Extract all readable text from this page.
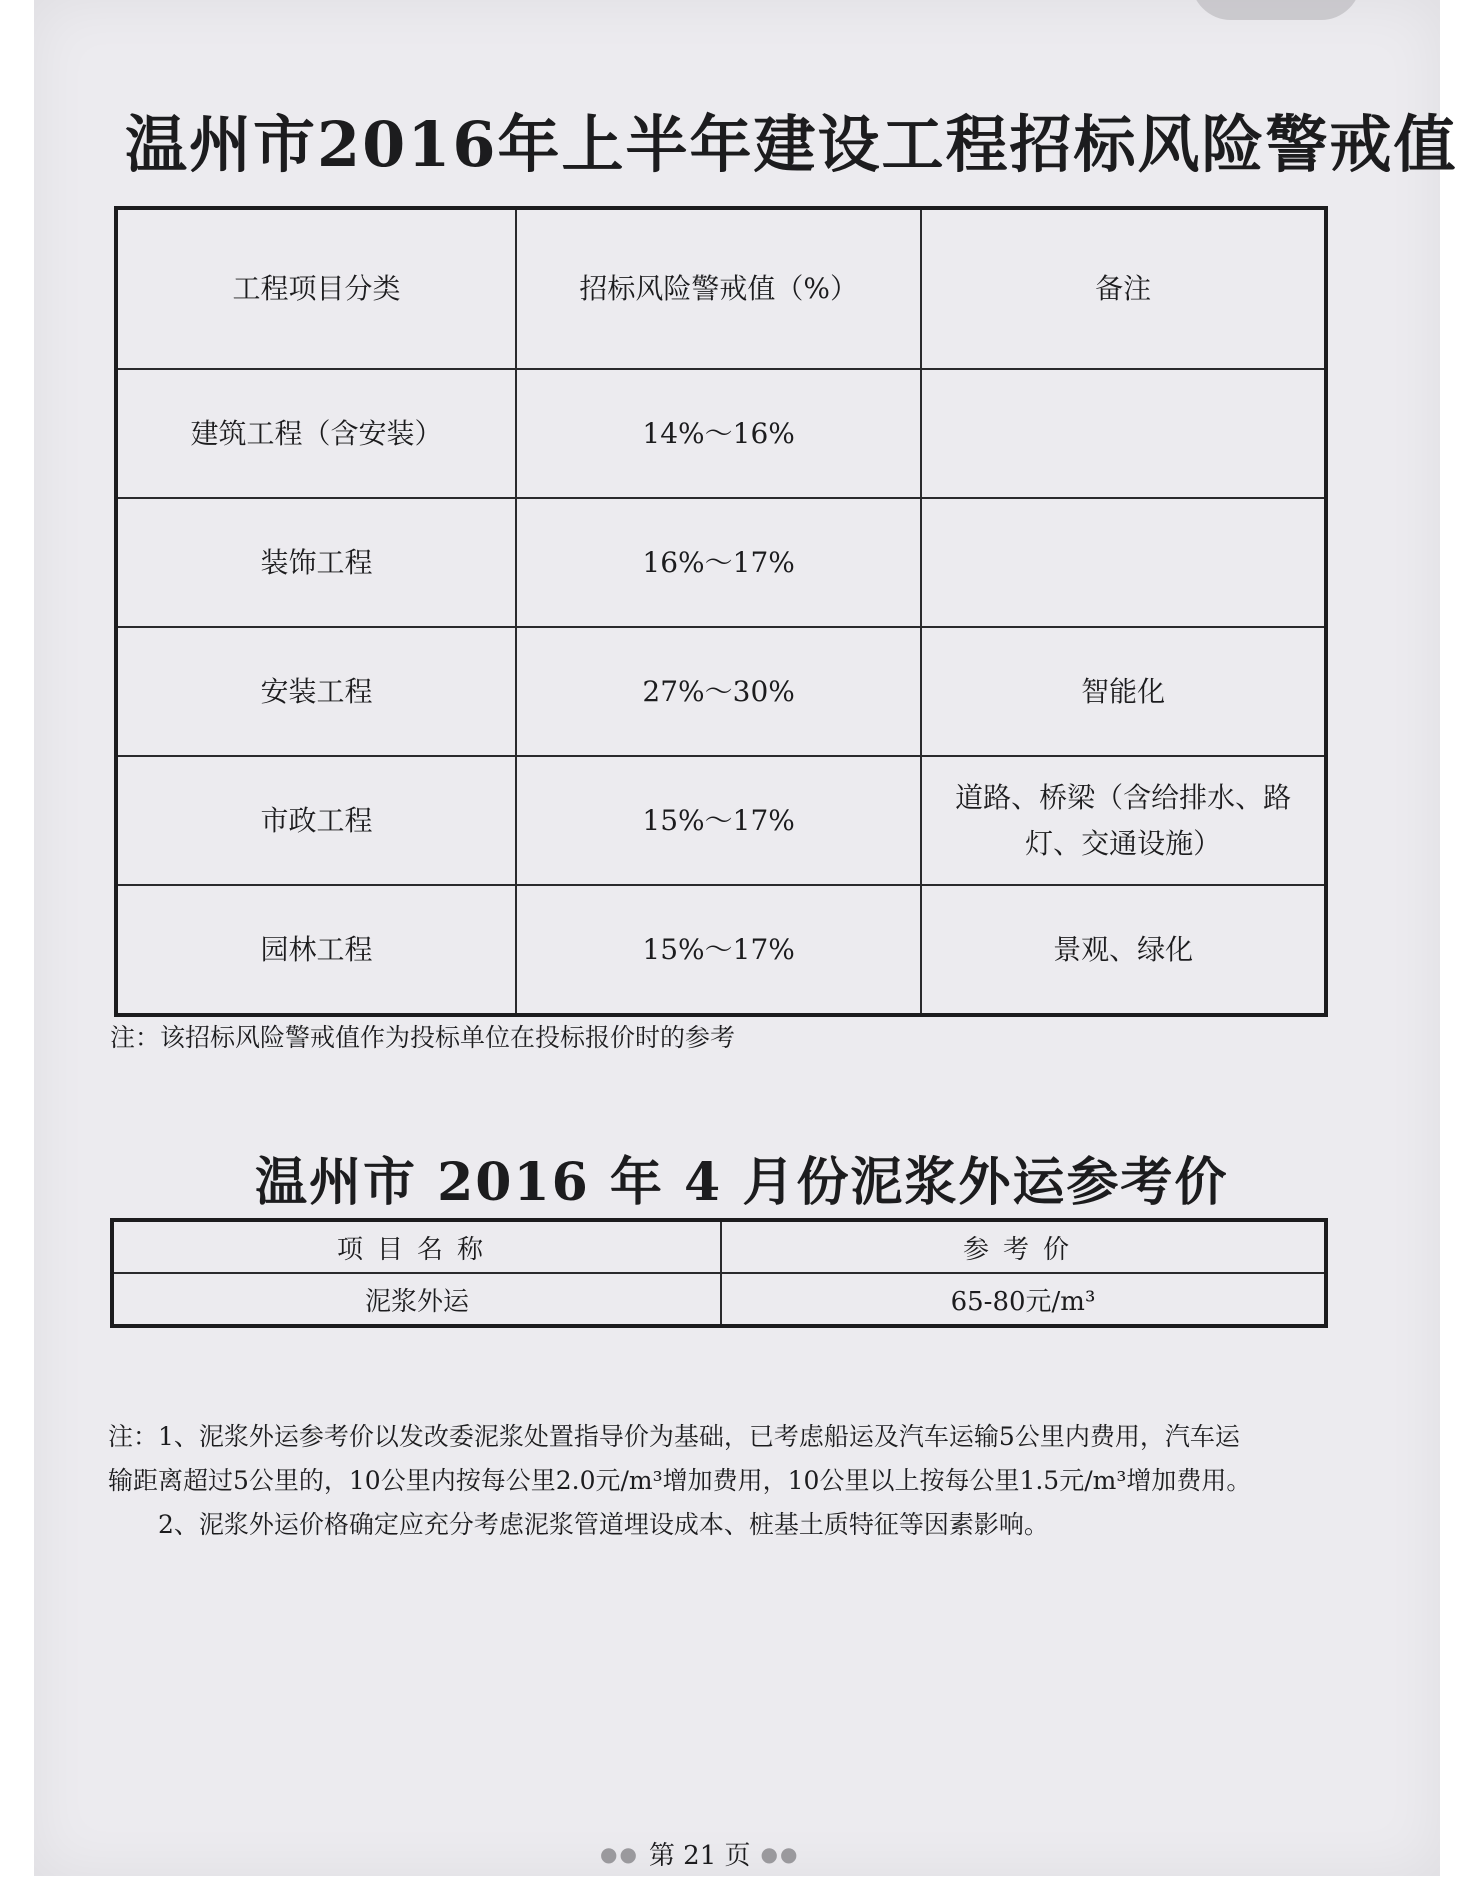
温州市2016年上半年建设工程招标风险警戒值
工程项目分类	招标风险警戒值（%）	备注
建筑工程（含安装）	14%～16%	
装饰工程	16%～17%	
安装工程	27%～30%	智能化
市政工程	15%～17%	道路、桥梁（含给排水、路灯、交通设施）
园林工程	15%～17%	景观、绿化
注：该招标风险警戒值作为投标单位在投标报价时的参考
温州市 2016 年 4 月份泥浆外运参考价
项目名称	参考价
泥浆外运	65-80元/m³

注：1、泥浆外运参考价以发改委泥浆处置指导价为基础，已考虑船运及汽车运输5公里内费用，汽车运

输距离超过5公里的，10公里内按每公里2.0元/m³增加费用，10公里以上按每公里1.5元/m³增加费用。

2、泥浆外运价格确定应充分考虑泥浆管道埋设成本、桩基土质特征等因素影响。

●● 第 21 页 ●●
